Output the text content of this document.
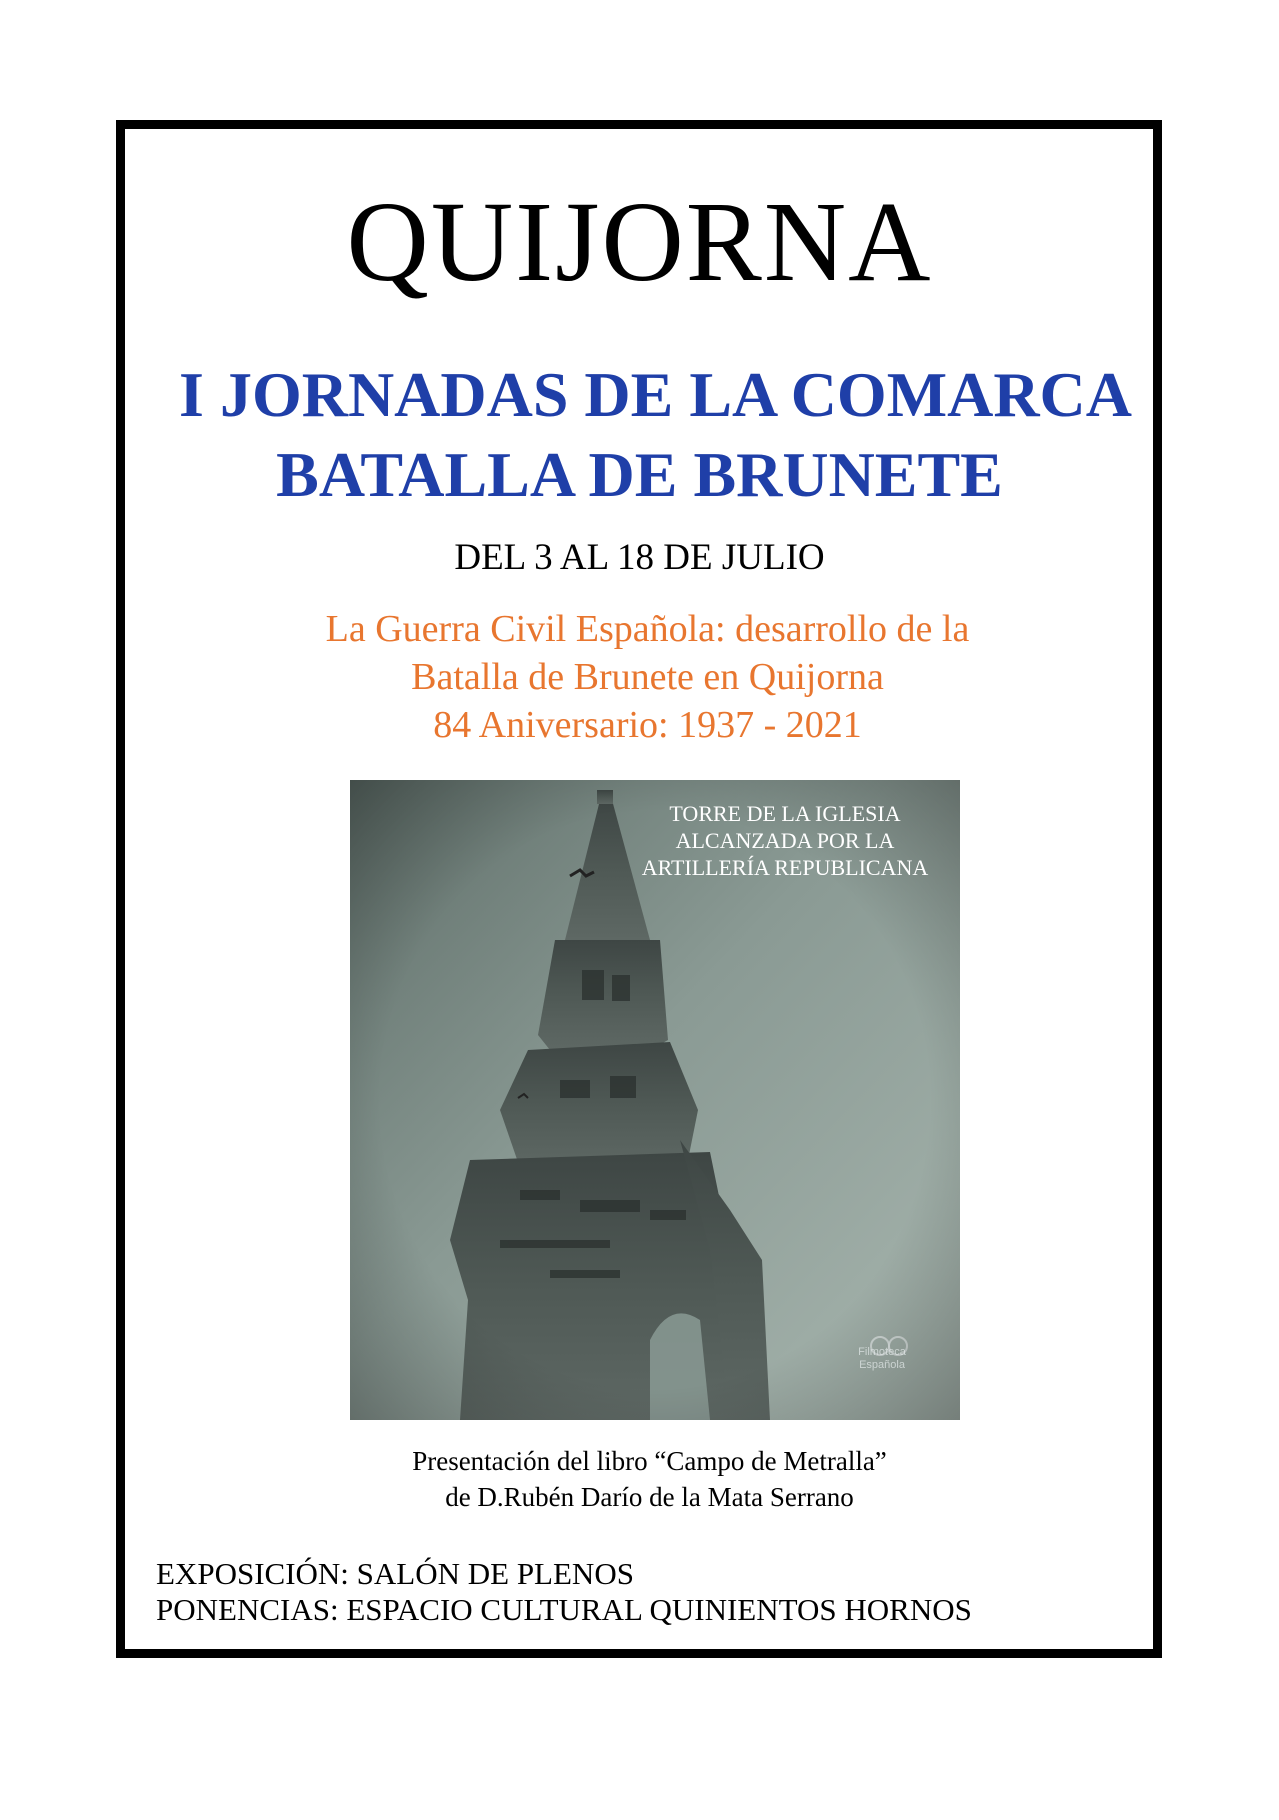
QUIJORNA
I JORNADAS DE LA COMARCA
BATALLA DE BRUNETE
DEL 3 AL 18 DE JULIO
La Guerra Civil Española: desarrollo de la
Batalla de Brunete en Quijorna
84 Aniversario: 1937 - 2021
TORRE DE LA IGLESIA
ALCANZADA POR LA
ARTILLERÍA REPUBLICANA
Filmoteca
Española
Presentación del libro “Campo de Metralla”
de D.Rubén Darío de la Mata Serrano
EXPOSICIÓN: SALÓN DE PLENOS
PONENCIAS: ESPACIO CULTURAL QUINIENTOS HORNOS
